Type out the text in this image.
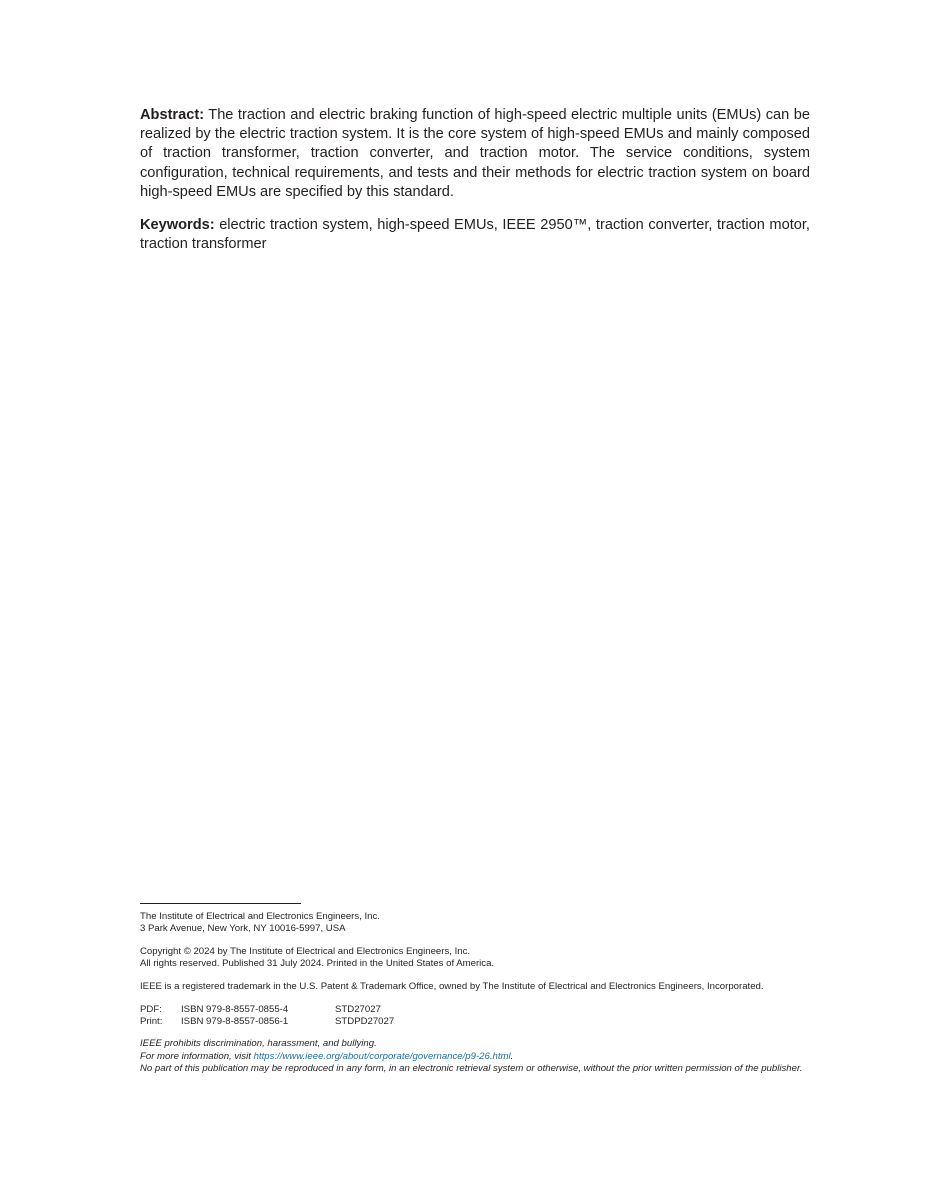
Abstract: The traction and electric braking function of high-speed electric multiple units (EMUs) can be realized by the electric traction system. It is the core system of high-speed EMUs and mainly composed of traction transformer, traction converter, and traction motor. The service conditions, system configuration, technical requirements, and tests and their methods for electric traction system on board high-speed EMUs are specified by this standard.

Keywords: electric traction system, high-speed EMUs, IEEE 2950™, traction converter, traction motor, traction transformer

The Institute of Electrical and Electronics Engineers, Inc.
3 Park Avenue, New York, NY 10016-5997, USA
Copyright © 2024 by The Institute of Electrical and Electronics Engineers, Inc.
All rights reserved. Published 31 July 2024. Printed in the United States of America.
IEEE is a registered trademark in the U.S. Patent & Trademark Office, owned by The Institute of Electrical and Electronics Engineers, Incorporated.
PDF:	ISBN 979-8-8557-0855-4	STD27027
Print:	ISBN 979-8-8557-0856-1	STDPD27027
IEEE prohibits discrimination, harassment, and bullying.
For more information, visit https://www.ieee.org/about/corporate/governance/p9-26.html.
No part of this publication may be reproduced in any form, in an electronic retrieval system or otherwise, without the prior written permission of the publisher.
